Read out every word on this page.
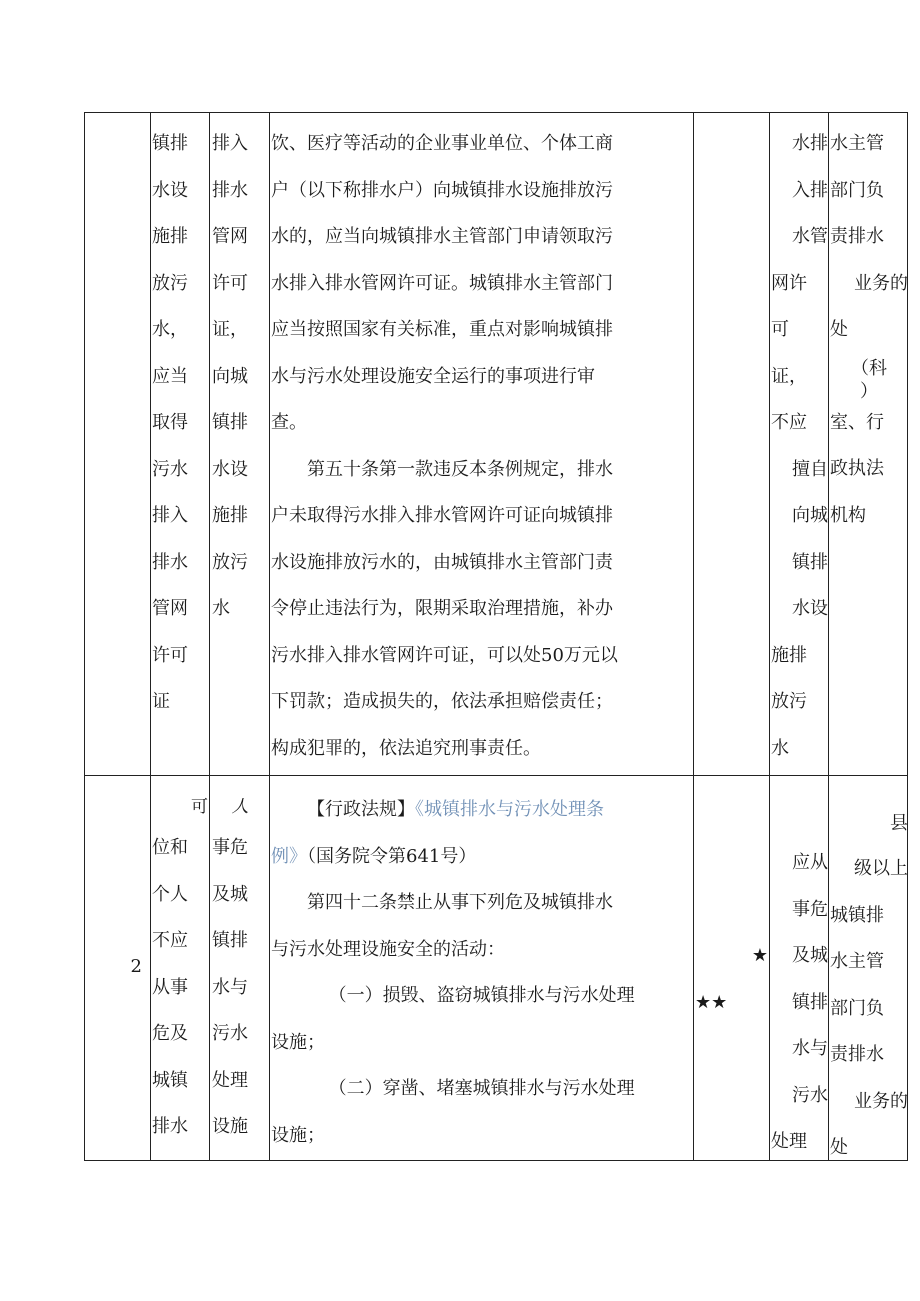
镇排
水设
施排
放污
水，
应当
取得
污水
排入
排水
管网
许可
证
排入
排水
管网
许可
证，
向城
镇排
水设
施排
放污
水
饮、医疗等活动的企业事业单位、个体工商
户（以下称排水户）向城镇排水设施排放污
水的，应当向城镇排水主管部门申请领取污
水排入排水管网许可证。城镇排水主管部门
应当按照国家有关标准，重点对影响城镇排
水与污水处理设施安全运行的事项进行审
查。
第五十条第一款违反本条例规定，排水
户未取得污水排入排水管网许可证向城镇排
水设施排放污水的，由城镇排水主管部门责
令停止违法行为，限期采取治理措施，补办
污水排入排水管网许可证，可以处50万元以
下罚款；造成损失的，依法承担赔偿责任；
构成犯罪的，依法追究刑事责任。
水排
入排
水管
网许
可
证，
不应
擅自
向城
镇排
水设
施排
放污
水
水主管
部门负
责排水
业务的
处
（科
）
室、行
政执法
机构
2
可
位和
个人
不应
从事
危及
城镇
排水
人
事危
及城
镇排
水与
污水
处理
设施
【行政法规】《城镇排水与污水处理条
例》（国务院令第641号）
第四十二条禁止从事下列危及城镇排水
与污水处理设施安全的活动：
（一）损毁、盗窃城镇排水与污水处理
设施；
（二）穿凿、堵塞城镇排水与污水处理
设施；
★
★★
应从
事危
及城
镇排
水与
污水
处理
县
级以上
城镇排
水主管
部门负
责排水
业务的
处
